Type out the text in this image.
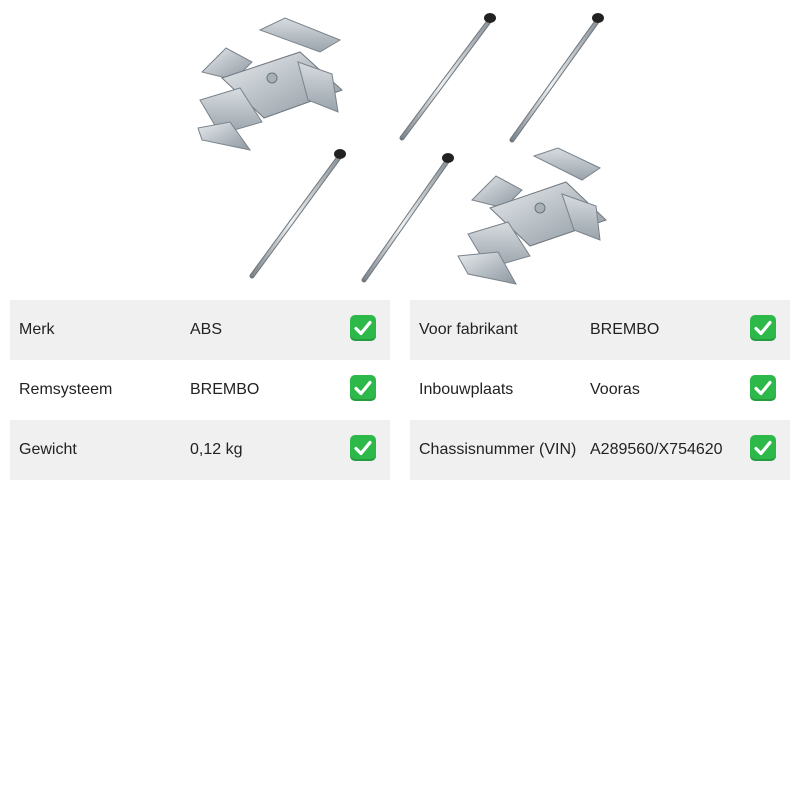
Merk	ABS
Remsysteem	BREMBO
Gewicht	0,12 kg
Voor fabrikant	BREMBO
Inbouwplaats	Vooras
Chassisnummer (VIN) A289560/X754620
